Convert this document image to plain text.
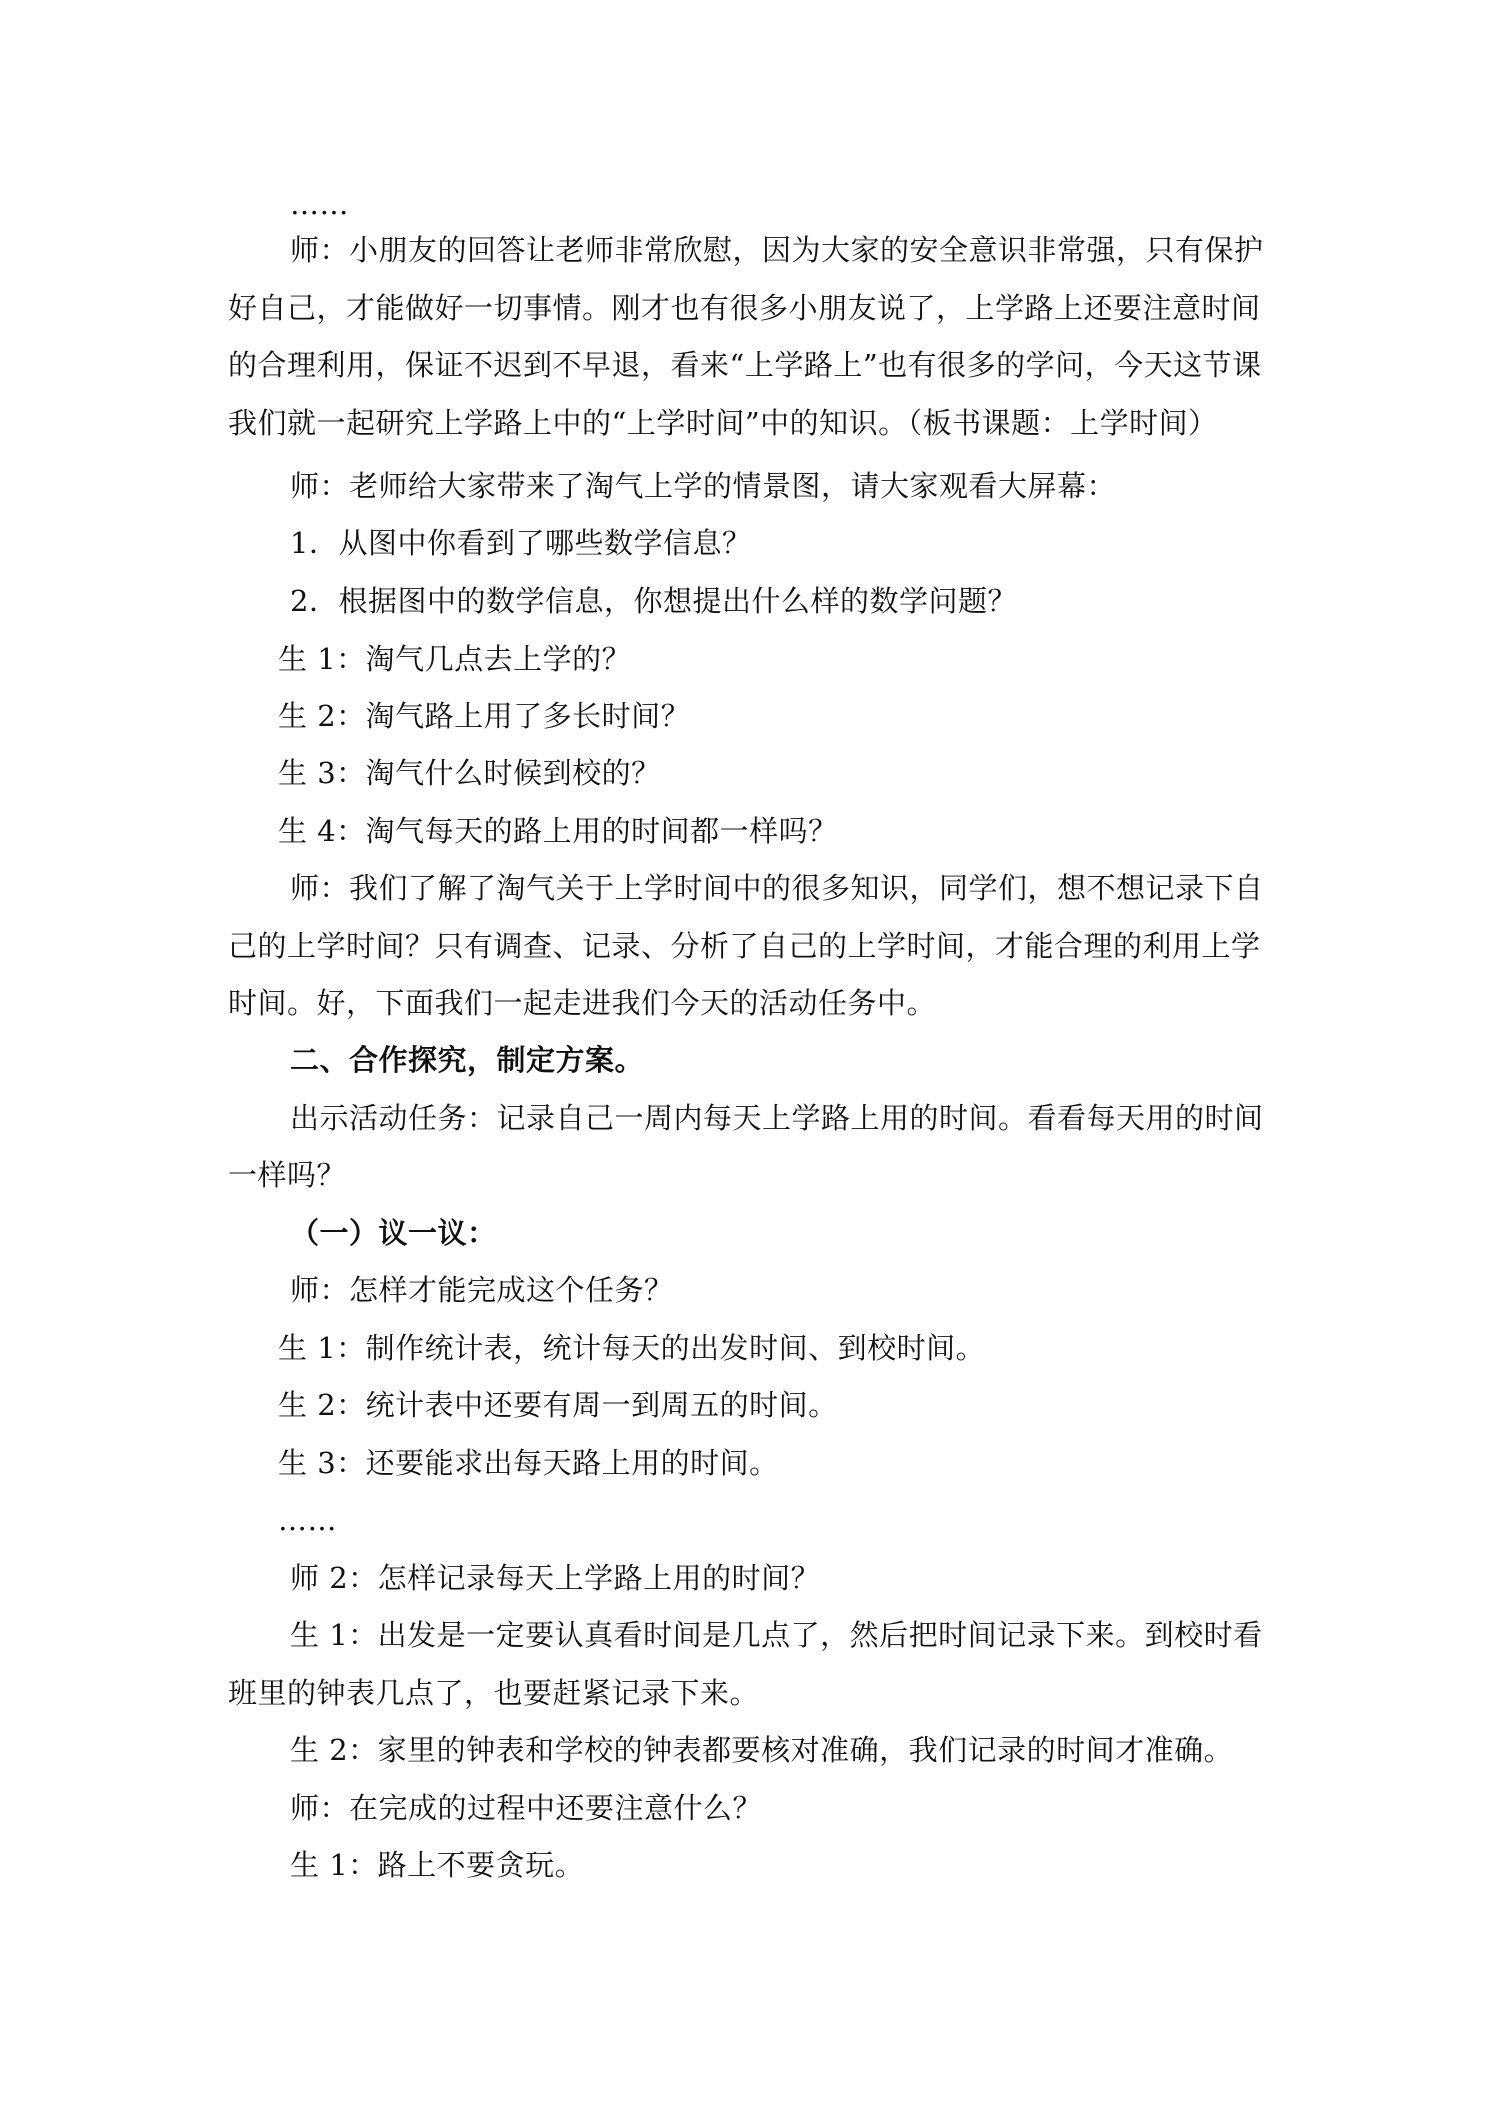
……
师：小朋友的回答让老师非常欣慰，因为大家的安全意识非常强，只有保护
好自己，才能做好一切事情。刚才也有很多小朋友说了，上学路上还要注意时间
的合理利用，保证不迟到不早退，看来“上学路上”也有很多的学问，今天这节课
我们就一起研究上学路上中的“上学时间”中的知识。（板书课题：上学时间）
师：老师给大家带来了淘气上学的情景图，请大家观看大屏幕：
1．从图中你看到了哪些数学信息？
2．根据图中的数学信息，你想提出什么样的数学问题？
生 1：淘气几点去上学的？
生 2：淘气路上用了多长时间？
生 3：淘气什么时候到校的？
生 4：淘气每天的路上用的时间都一样吗？
师：我们了解了淘气关于上学时间中的很多知识，同学们，想不想记录下自
己的上学时间？只有调查、记录、分析了自己的上学时间，才能合理的利用上学
时间。好，下面我们一起走进我们今天的活动任务中。
二、合作探究，制定方案。
出示活动任务：记录自己一周内每天上学路上用的时间。看看每天用的时间
一样吗？
（一）议一议：
师：怎样才能完成这个任务？
生 1：制作统计表，统计每天的出发时间、到校时间。
生 2：统计表中还要有周一到周五的时间。
生 3：还要能求出每天路上用的时间。
……
师 2：怎样记录每天上学路上用的时间？
生 1：出发是一定要认真看时间是几点了，然后把时间记录下来。到校时看
班里的钟表几点了，也要赶紧记录下来。
生 2：家里的钟表和学校的钟表都要核对准确，我们记录的时间才准确。
师：在完成的过程中还要注意什么？
生 1：路上不要贪玩。
